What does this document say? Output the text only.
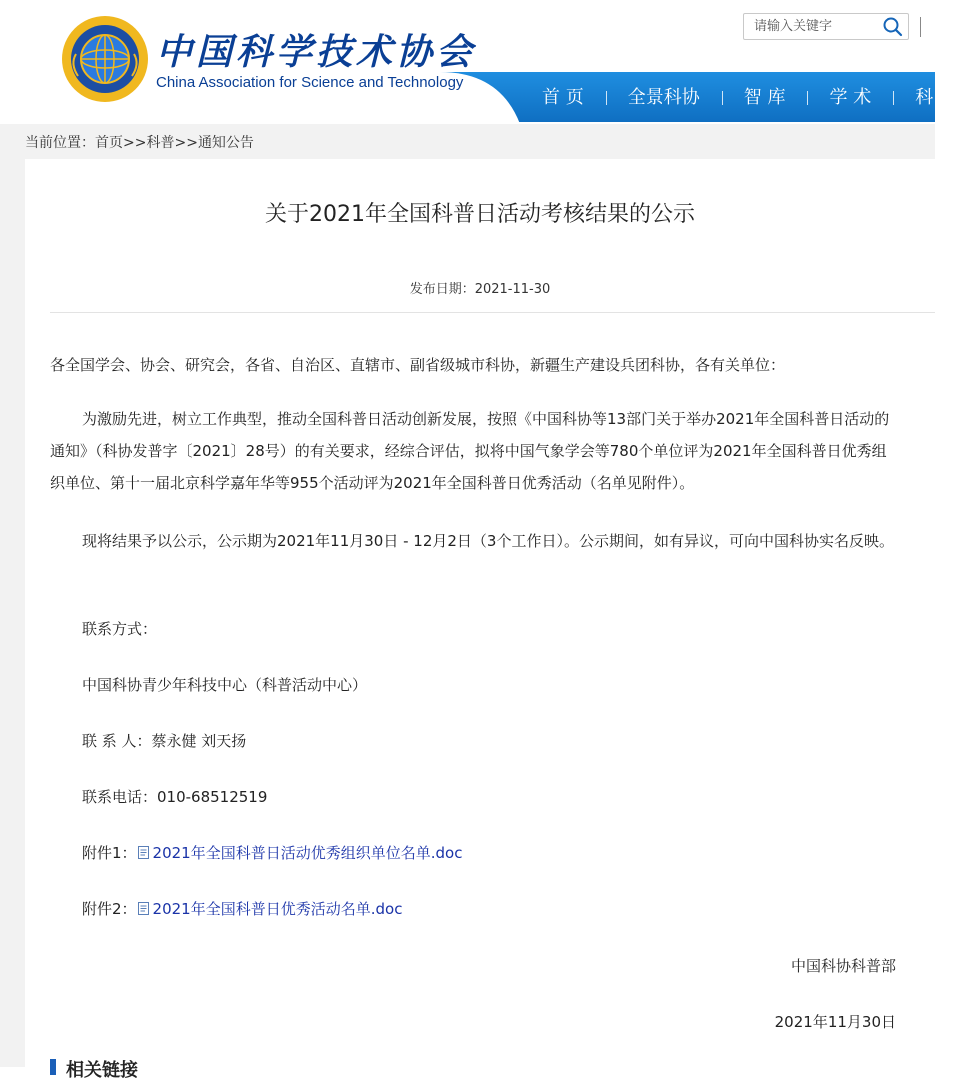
中国科学技术协会
China Association for Science and Technology
请输入关键字
首 页	全景科协	智 库	学 术	科 普
当前位置：首页>>科普>>通知公告
关于2021年全国科普日活动考核结果的公示
发布日期：2021-11-30
各全国学会、协会、研究会，各省、自治区、直辖市、副省级城市科协，新疆生产建设兵团科协，各有关单位：
为激励先进，树立工作典型，推动全国科普日活动创新发展，按照《中国科协等13部门关于举办2021年全国科普日活动的通知》（科协发普字〔2021〕28号）的有关要求，经综合评估，拟将中国气象学会等780个单位评为2021年全国科普日优秀组织单位、第十一届北京科学嘉年华等955个活动评为2021年全国科普日优秀活动（名单见附件）。
现将结果予以公示，公示期为2021年11月30日 - 12月2日（3个工作日）。公示期间，如有异议，可向中国科协实名反映。
联系方式：
中国科协青少年科技中心（科普活动中心）
联 系 人：蔡永健 刘天扬
联系电话：010-68512519
附件1： 2021年全国科普日活动优秀组织单位名单.doc
附件2： 2021年全国科普日优秀活动名单.doc
中国科协科普部
2021年11月30日
相关链接
